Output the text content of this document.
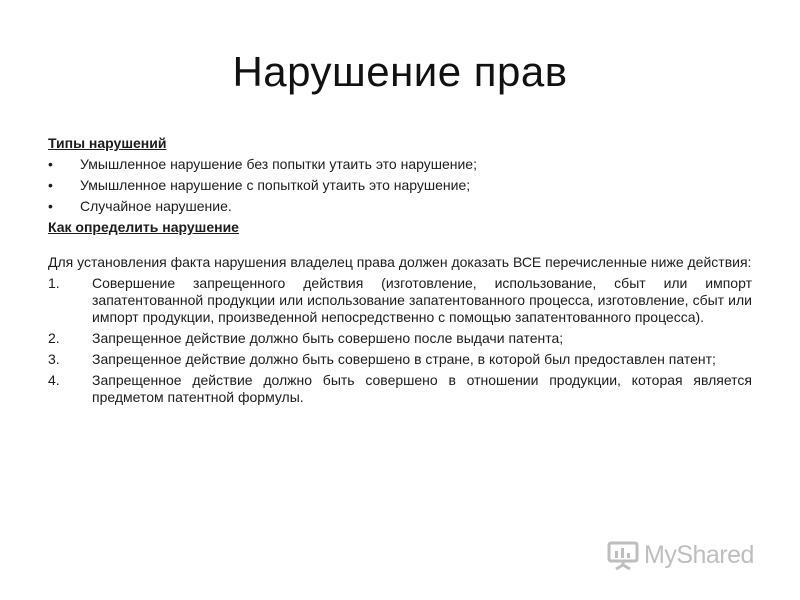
Нарушение прав
Типы нарушений
• Умышленное нарушение без попытки утаить это нарушение;
• Умышленное нарушение с попыткой утаить это нарушение;
• Случайное нарушение.
Как определить нарушение
Для установления факта нарушения владелец права должен доказать ВСЕ перечисленные ниже действия:
1. Совершение запрещенного действия (изготовление, использование, сбыт или импорт запатентованной продукции или использование запатентованного процесса, изготовление, сбыт или импорт продукции, произведенной непосредственно с помощью запатентованного процесса).
2. Запрещенное действие должно быть совершено после выдачи патента;
3. Запрещенное действие должно быть совершено в стране, в которой был предоставлен патент;
4. Запрещенное действие должно быть совершено в отношении продукции, которая является предметом патентной формулы.
MyShared
